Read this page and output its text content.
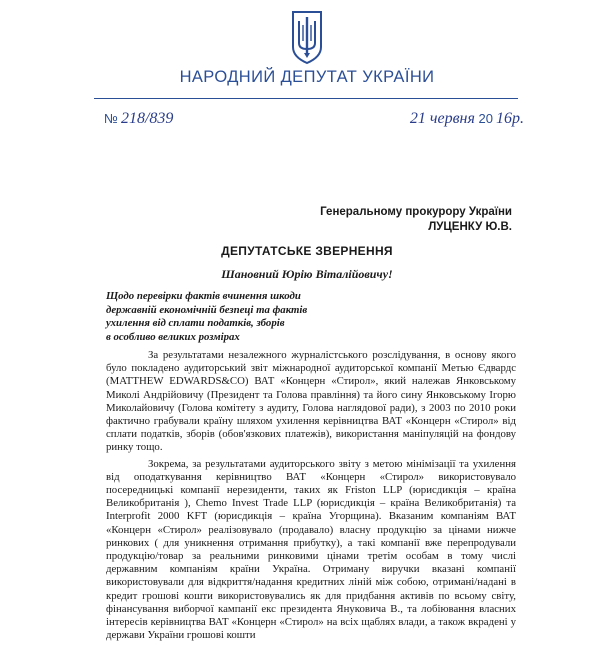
НАРОДНИЙ ДЕПУТАТ УКРАЇНИ
№ 218/839	21 червня 20 16р.
Генеральному прокурору України
ЛУЦЕНКУ Ю.В.
ДЕПУТАТСЬКЕ ЗВЕРНЕННЯ
Шановний Юрію Віталійовичу!
Щодо перевірки фактів вчинення шкоди
державній економічній безпеці та фактів
ухилення від сплати податків, зборів
в особливо великих розмірах

За результатами незалежного журналістського розслідування, в основу якого було покладено аудиторський звіт міжнародної аудиторської компанії Метью Єдвардс (MATTHEW EDWARDS&CO) ВАТ «Концерн «Стирол», який належав Янковському Миколі Андрійовичу (Президент та Голова правління) та його сину Янковському Ігорю Миколайовичу (Голова комітету з аудиту, Голова наглядової ради), з 2003 по 2010 роки фактично грабували країну шляхом ухилення керівництва ВАТ «Концерн «Стирол» від сплати податків, зборів (обов'язкових платежів), використання маніпуляцій на фондову ринку тощо.

Зокрема, за результатами аудиторського звіту з метою мінімізації та ухилення від оподаткування керівництво ВАТ «Концерн «Стирол» використовувало посередницькі компанії нерезиденти, таких як Friston LLP (юрисдикція – країна Великобританія ), Chemo Invest Trade LLP (юрисдикція – країна Великобританія) та Interprofit 2000 KFT (юрисдикція – країна Угорщина). Вказаним компаніям ВАТ «Концерн «Стирол» реалізовувало (продавало) власну продукцію за цінами нижче ринкових ( для уникнення отримання прибутку), а такі компанії вже перепродували продукцію/товар за реальними ринковими цінами третім особам в тому числі державним компаніям країни Україна. Отриману виручки вказані компанії використовували для відкриття/надання кредитних ліній між собою, отримані/надані в кредит грошові кошти використовувались як для придбання активів по всьому світу, фінансування виборчої кампанії екс президента Януковича В., та лобіювання власних інтересів керівництва ВАТ «Концерн «Стирол» на всіх щаблях влади, а також вкрадені у держави України грошові кошти
